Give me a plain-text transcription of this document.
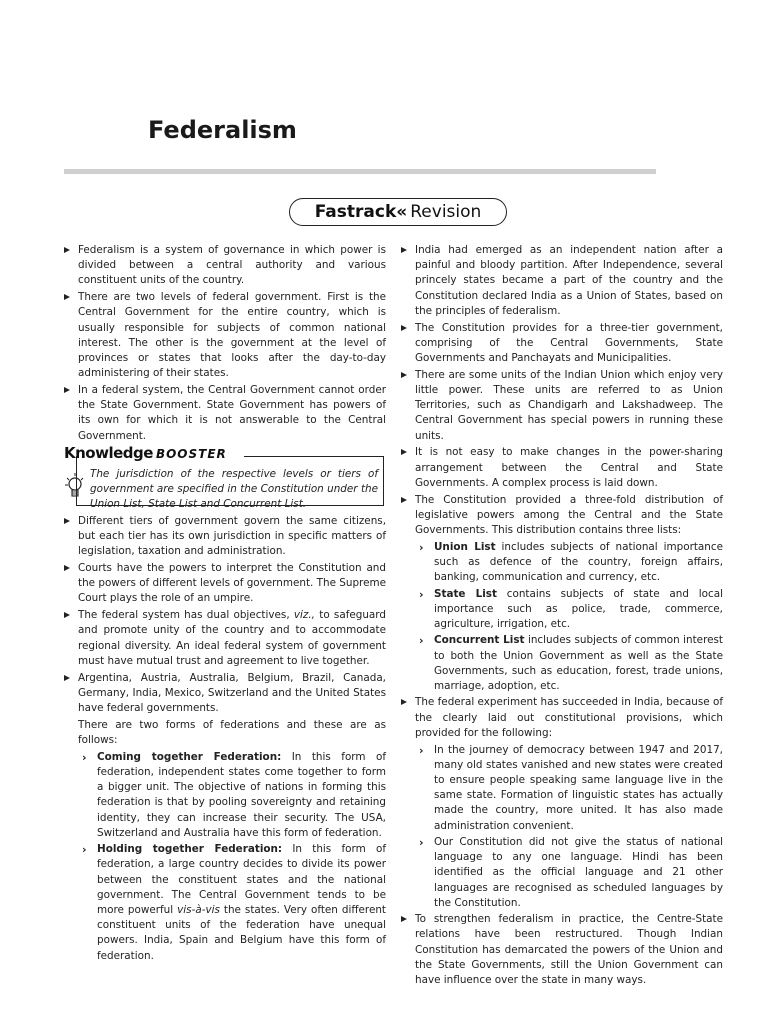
Federalism
Fastrack« Revision

Federalism is a system of governance in which power is divided between a central authority and various constituent units of the country.

There are two levels of federal government. First is the Central Government for the entire country, which is usually responsible for subjects of common national interest. The other is the government at the level of provinces or states that looks after the day-to-day administering of their states.

In a federal system, the Central Government cannot order the State Government. State Government has powers of its own for which it is not answerable to the Central Government.

Knowledge BOOSTER
The jurisdiction of the respective levels or tiers of government are specified in the Constitution under the Union List, State List and Concurrent List.

Different tiers of government govern the same citizens, but each tier has its own jurisdiction in specific matters of legislation, taxation and administration.

Courts have the powers to interpret the Constitution and the powers of different levels of government. The Supreme Court plays the role of an umpire.

The federal system has dual objectives, viz., to safeguard and promote unity of the country and to accommodate regional diversity. An ideal federal system of government must have mutual trust and agreement to live together.

Argentina, Austria, Australia, Belgium, Brazil, Canada, Germany, India, Mexico, Switzerland and the United States have federal governments.

There are two forms of federations and these are as follows:

› Coming together Federation: In this form of federation, independent states come together to form a bigger unit. The objective of nations in forming this federation is that by pooling sovereignty and retaining identity, they can increase their security. The USA, Switzerland and Australia have this form of federation.

› Holding together Federation: In this form of federation, a large country decides to divide its power between the constituent states and the national government. The Central Government tends to be more powerful vis-à-vis the states. Very often different constituent units of the federation have unequal powers. India, Spain and Belgium have this form of federation.

India had emerged as an independent nation after a painful and bloody partition. After Independence, several princely states became a part of the country and the Constitution declared India as a Union of States, based on the principles of federalism.

The Constitution provides for a three-tier government, comprising of the Central Governments, State Governments and Panchayats and Municipalities.

There are some units of the Indian Union which enjoy very little power. These units are referred to as Union Territories, such as Chandigarh and Lakshadweep. The Central Government has special powers in running these units.

It is not easy to make changes in the power-sharing arrangement between the Central and State Governments. A complex process is laid down.

The Constitution provided a three-fold distribution of legislative powers among the Central and the State Governments. This distribution contains three lists:

› Union List includes subjects of national importance such as defence of the country, foreign affairs, banking, communication and currency, etc.

› State List contains subjects of state and local importance such as police, trade, commerce, agriculture, irrigation, etc.

› Concurrent List includes subjects of common interest to both the Union Government as well as the State Governments, such as education, forest, trade unions, marriage, adoption, etc.

The federal experiment has succeeded in India, because of the clearly laid out constitutional provisions, which provided for the following:

› In the journey of democracy between 1947 and 2017, many old states vanished and new states were created to ensure people speaking same language live in the same state. Formation of linguistic states has actually made the country, more united. It has also made administration convenient.

› Our Constitution did not give the status of national language to any one language. Hindi has been identified as the official language and 21 other languages are recognised as scheduled languages by the Constitution.

To strengthen federalism in practice, the Centre-State relations have been restructured. Though Indian Constitution has demarcated the powers of the Union and the State Governments, still the Union Government can have influence over the state in many ways.
